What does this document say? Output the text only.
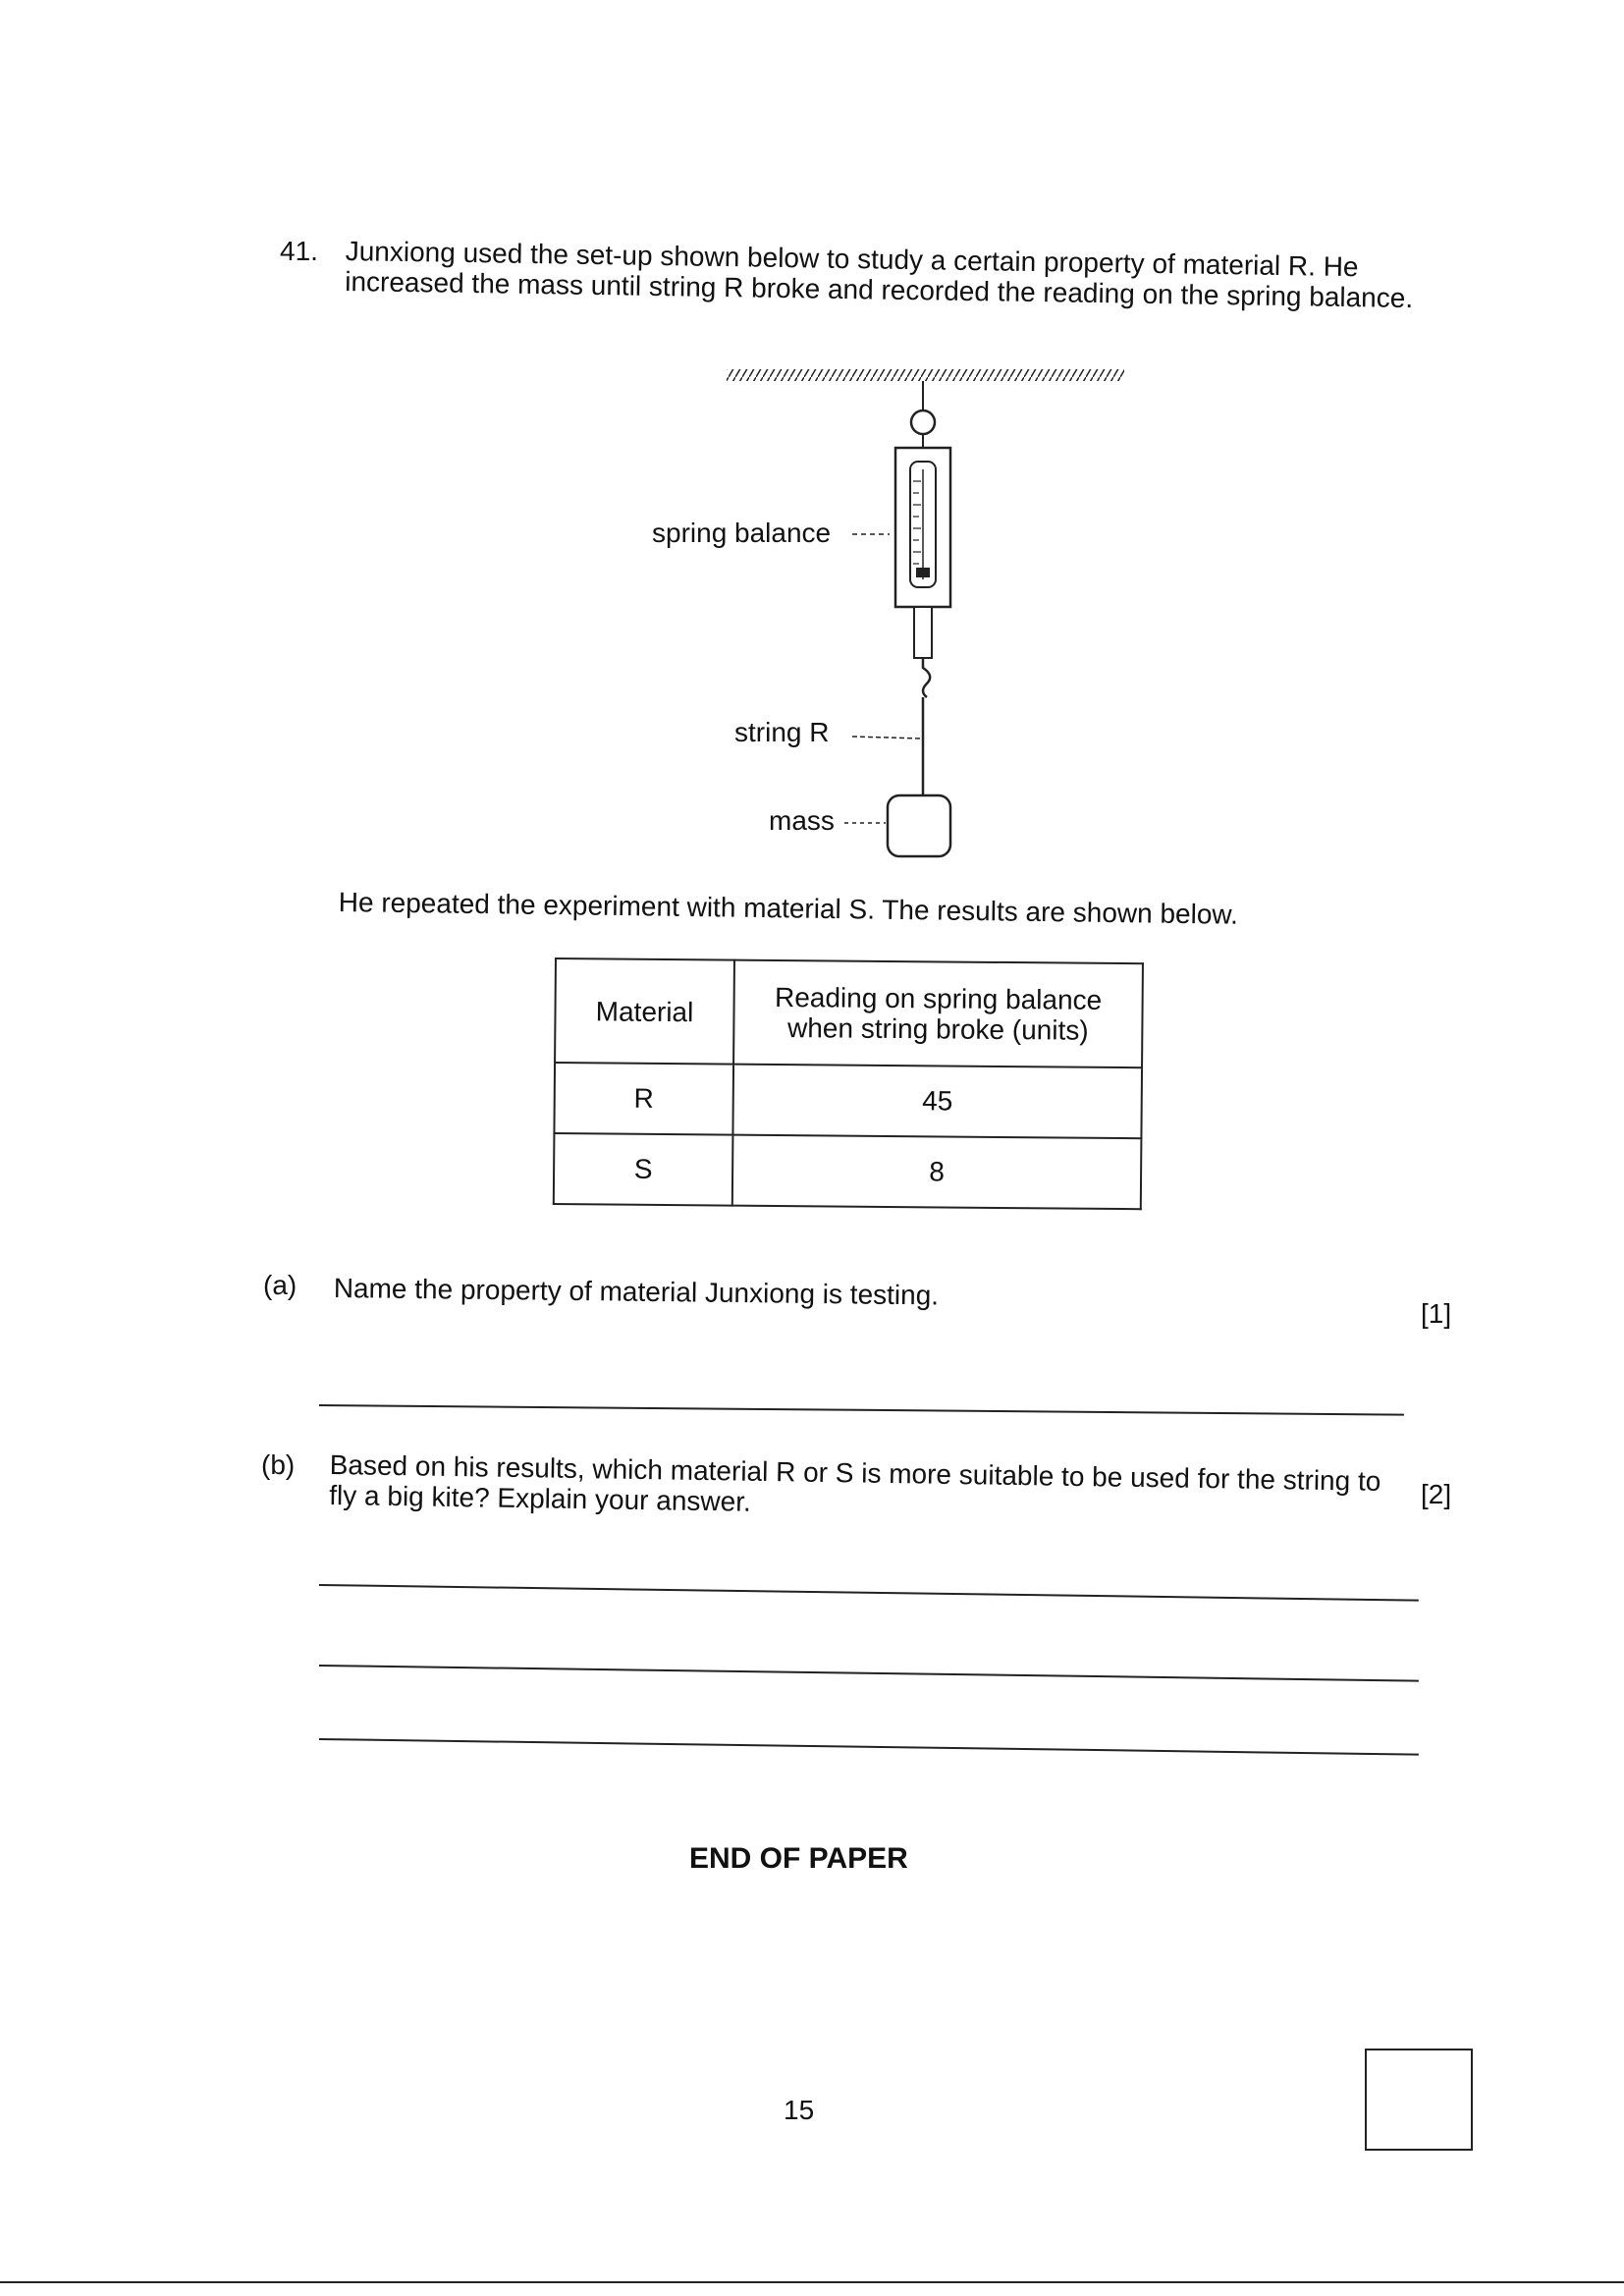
41. Junxiong used the set-up shown below to study a certain property of material R. He increased the mass until string R broke and recorded the reading on the spring balance.
spring balance
string R
mass
He repeated the experiment with material S. The results are shown below.
Material	Reading on spring balance when string broke (units)
R	45
S	8
(a) Name the property of material Junxiong is testing.
[1]
(b) Based on his results, which material R or S is more suitable to be used for the string to fly a big kite? Explain your answer.	[2]
END OF PAPER
15
